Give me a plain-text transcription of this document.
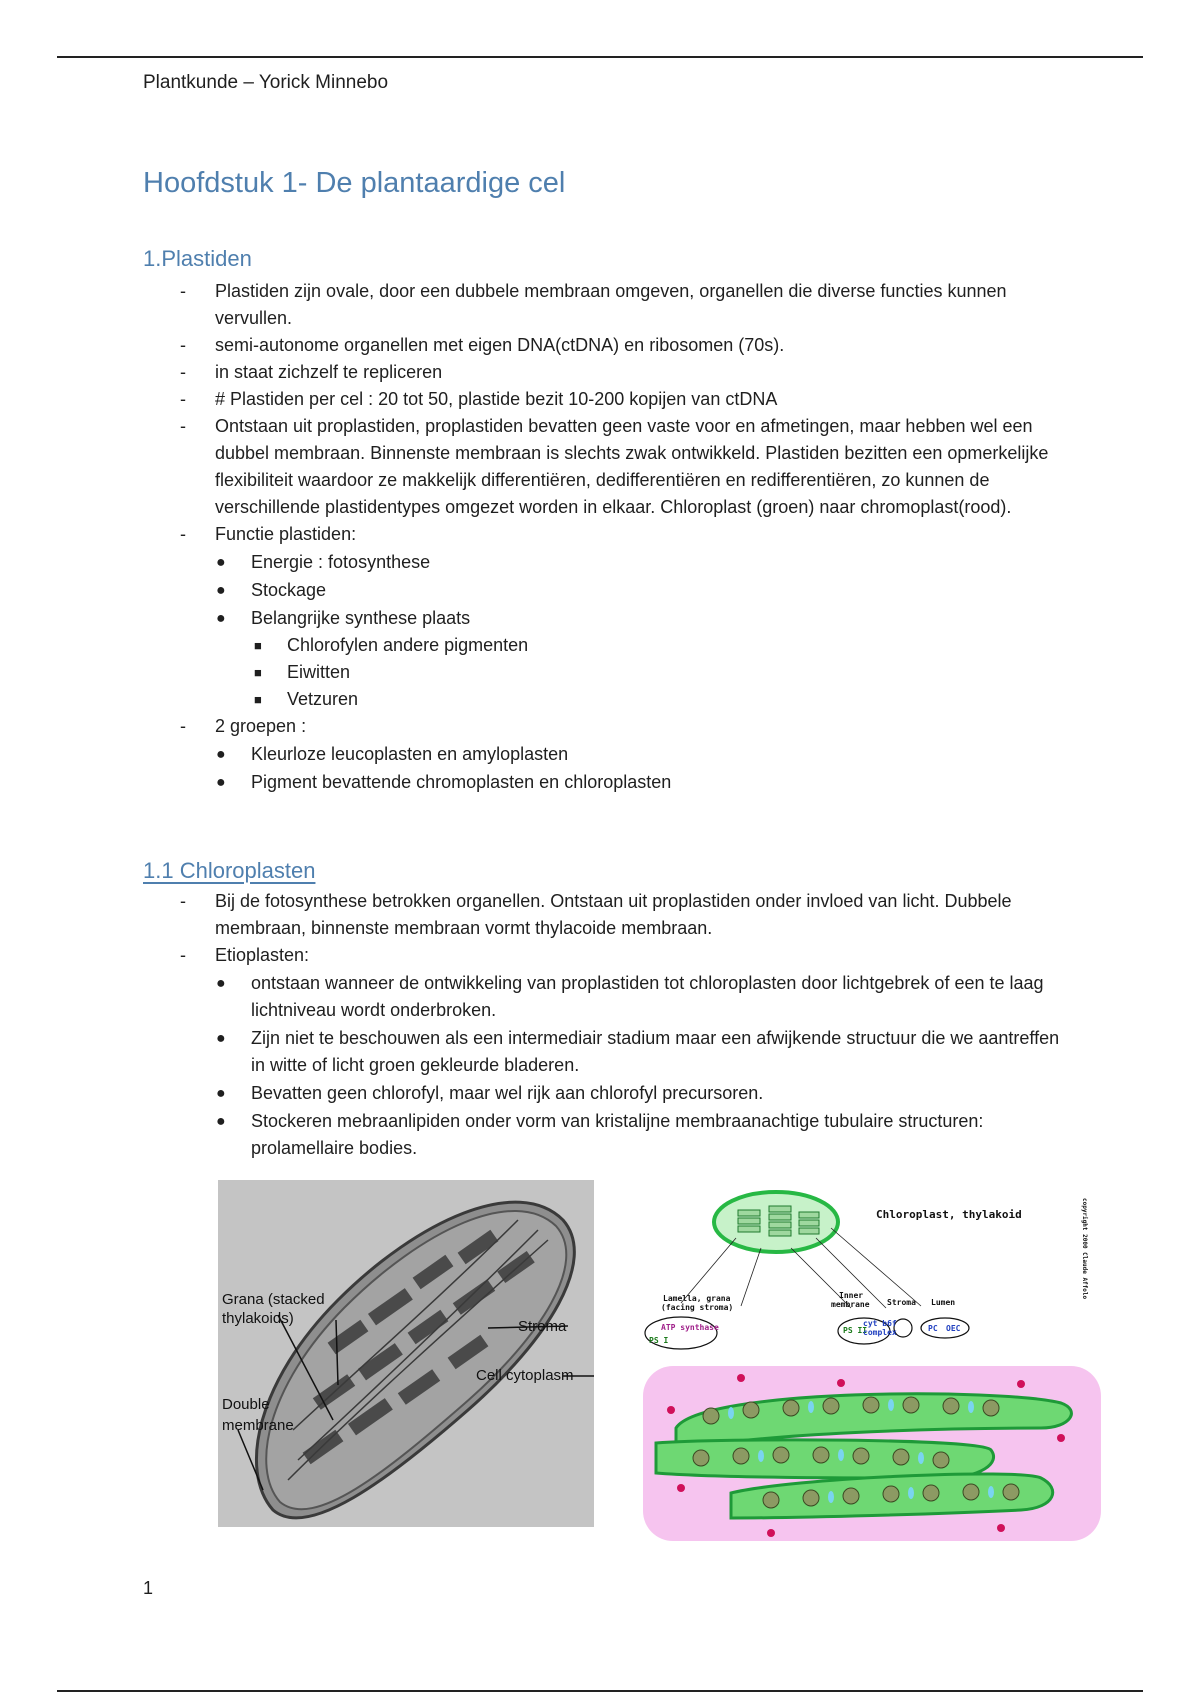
Plantkunde – Yorick Minnebo
Hoofdstuk 1- De plantaardige cel
1.Plastiden
- Plastiden zijn ovale, door een dubbele membraan omgeven, organellen die diverse functies kunnen vervullen.
- semi-autonome organellen met eigen DNA(ctDNA) en ribosomen (70s).
- in staat zichzelf te repliceren
- # Plastiden per cel : 20 tot 50, plastide bezit 10-200 kopijen van ctDNA
- Ontstaan uit proplastiden, proplastiden bevatten geen vaste voor en afmetingen, maar hebben wel een dubbel membraan. Binnenste membraan is slechts zwak ontwikkeld. Plastiden bezitten een opmerkelijke flexibiliteit waardoor ze makkelijk differentiëren, dedifferentiëren en redifferentiëren, zo kunnen de verschillende plastidentypes omgezet worden in elkaar. Chloroplast (groen) naar chromoplast(rood).
- Functie plastiden:
● Energie : fotosynthese
● Stockage
● Belangrijke synthese plaats
■ Chlorofylen andere pigmenten
■ Eiwitten
■ Vetzuren
- 2 groepen :
● Kleurloze leucoplasten en amyloplasten
● Pigment bevattende chromoplasten en chloroplasten
1.1 Chloroplasten
- Bij de fotosynthese betrokken organellen. Ontstaan uit proplastiden onder invloed van licht. Dubbele membraan, binnenste membraan vormt thylacoide membraan.
- Etioplasten:
● ontstaan wanneer de ontwikkeling van proplastiden tot chloroplasten door lichtgebrek of een te laag lichtniveau wordt onderbroken.
● Zijn niet te beschouwen als een intermediair stadium maar een afwijkende structuur die we aantreffen in witte of licht groen gekleurde bladeren.
● Bevatten geen chlorofyl, maar wel rijk aan chlorofyl precursoren.
● Stockeren mebraanlipiden onder vorm van kristalijne membraanachtige tubulaire structuren: prolamellaire bodies.
Grana (stacked
thylakoids)	Stroma
Cell cytoplasm
Double
membrane
Chloroplast, thylakoid	copyright 2000 Claude Affolo
Lamella, grana
(facing stroma)
Inner
membrane Stroma Lumen
ATP synthase
PS I
PS II
cyt b6f
complex	PC OEC
1
